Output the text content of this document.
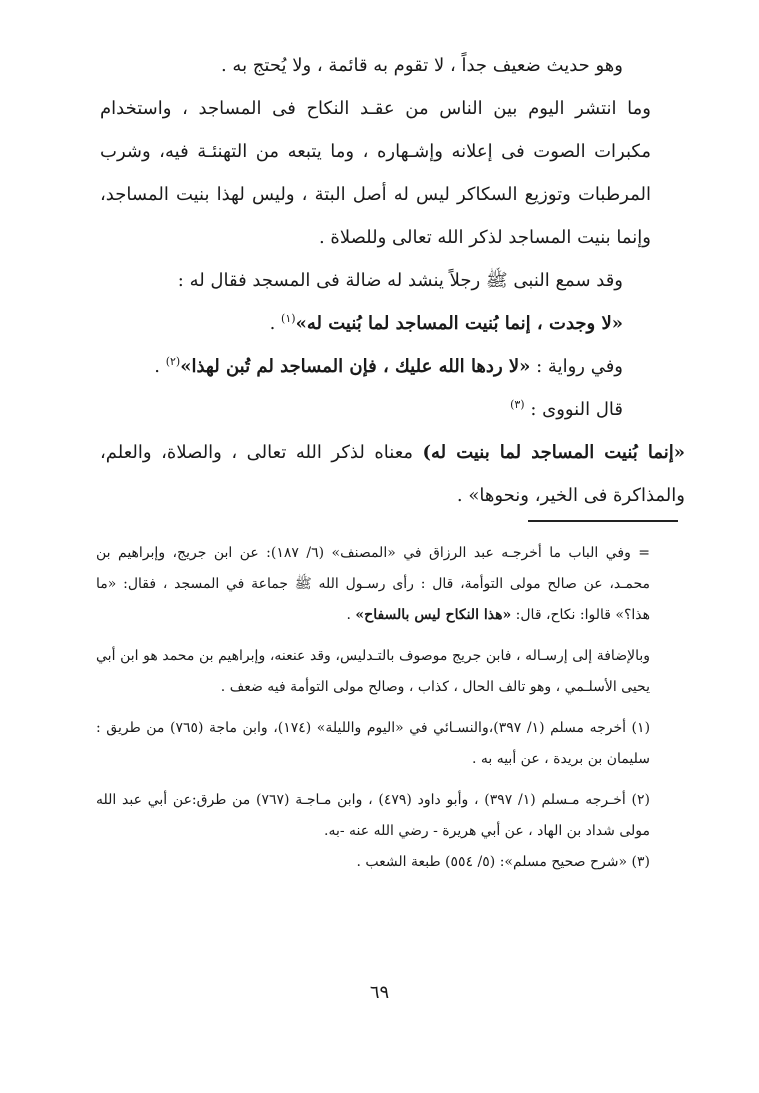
وهو حديث ضعيف جداً ، لا تقوم به قائمة ، ولا يُحتج به .

وما انتشر اليوم بين الناس من عقـد النكاح فى المساجد ، واستخدام مكبرات الصوت فى إعلانه وإشـهاره ، وما يتبعه من التهنئـة فيه، وشرب المرطبات وتوزيع السكاكر ليس له أصل البتة ، وليس لهذا بنيت المساجد، وإنما بنيت المساجد لذكر الله تعالى وللصلاة .

وقد سمع النبى ﷺ رجلاً ينشد له ضالة فى المسجد فقال له :

«لا وجدت ، إنما بُنيت المساجد لما بُنيت له»$^{(١)}$ .

وفي رواية : «لا ردها الله عليك ، فإن المساجد لم تُبن لهذا»$^{(٢)}$ .

قال النووى : $^{(٣)}$

«إنما بُنيت المساجد لما بنيت له) معناه لذكر الله تعالى ، والصلاة، والعلم، والمذاكرة فى الخير، ونحوها» .

= وفي الباب ما أخرجـه عبد الرزاق في «المصنف» (٦/ ١٨٧): عن ابن جريج، وإبراهيم بن محمـد، عن صالح مولى التوأمة، قال : رأى رسـول الله ﷺ جماعة في المسجد ، فقال: «ما هذا؟» قالوا: نكاح، قال: «هذا النكاح ليس بالسفاح» .

وبالإضافة إلى إرسـاله ، فابن جريج موصوف بالتـدليس، وقد عنعنه، وإبراهيم بن محمد هو ابن أبي يحيى الأسلـمي ، وهو تالف الحال ، كذاب ، وصالح مولى التوأمة فيه ضعف .

(١) أخرجه مسلم (١/ ٣٩٧)،والنسـائي في «اليوم والليلة» (١٧٤)، وابن ماجة (٧٦٥) من طريق : سليمان بن بريدة ، عن أبيه به .

(٢) أخـرجه مـسلم (١/ ٣٩٧) ، وأبو داود (٤٧٩) ، وابن مـاجـة (٧٦٧) من طرق:عن أبي عبد الله مولى شداد بن الهاد ، عن أبي هريرة - رضي الله عنه -به.

(٣) «شرح صحيح مسلم»: (٥/ ٥٥٤) طبعة الشعب .

٦٩
